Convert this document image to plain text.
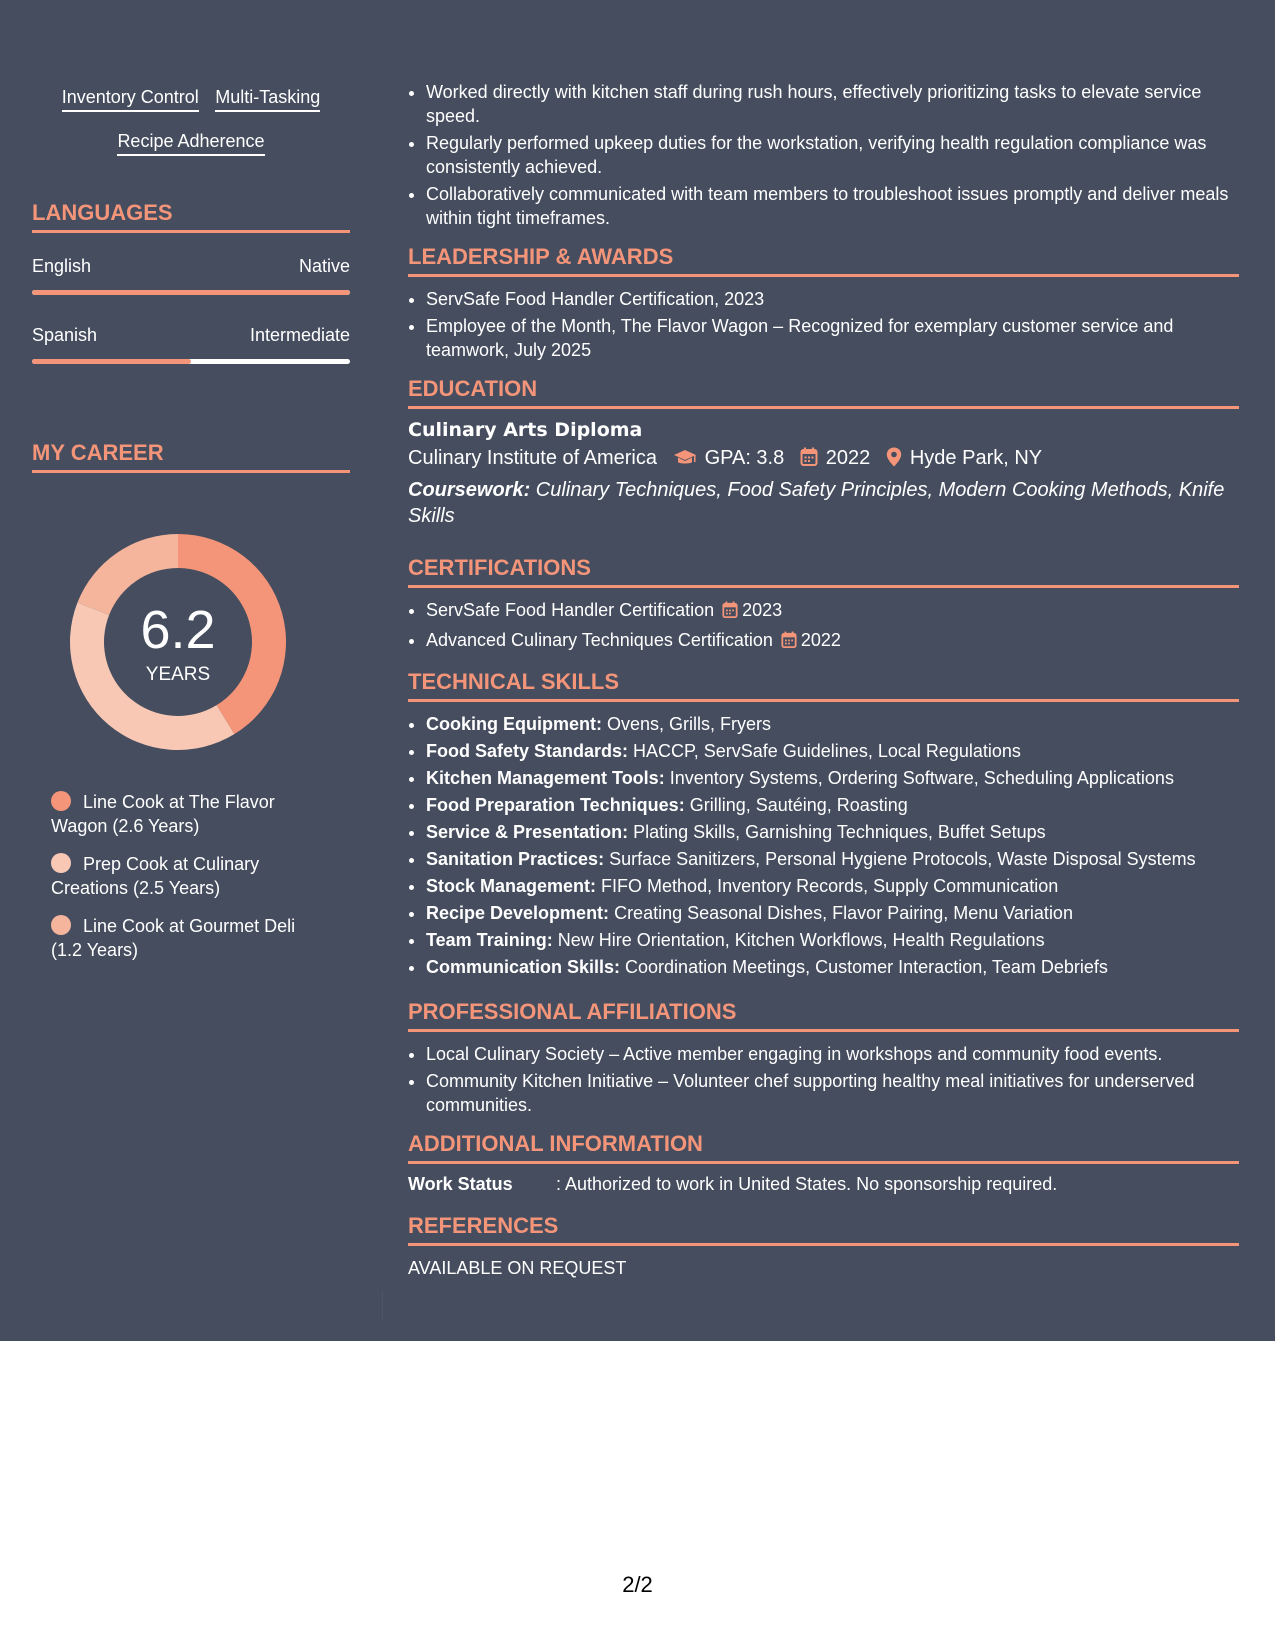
Inventory Control Multi-Tasking
Recipe Adherence
LANGUAGES
English	Native
Spanish	Intermediate
MY CAREER
6.2
YEARS
Line Cook at The Flavor Wagon (2.6 Years)
Prep Cook at Culinary Creations (2.5 Years)
Line Cook at Gourmet Deli (1.2 Years)
• Worked directly with kitchen staff during rush hours, effectively prioritizing tasks to elevate service speed.
• Regularly performed upkeep duties for the workstation, verifying health regulation compliance was consistently achieved.
• Collaboratively communicated with team members to troubleshoot issues promptly and deliver meals within tight timeframes.
LEADERSHIP & AWARDS
• ServSafe Food Handler Certification, 2023
• Employee of the Month, The Flavor Wagon – Recognized for exemplary customer service and teamwork, July 2025
EDUCATION
Culinary Arts Diploma
Culinary Institute of America GPA: 3.8 2022 Hyde Park, NY
Coursework: Culinary Techniques, Food Safety Principles, Modern Cooking Methods, Knife Skills
CERTIFICATIONS
• ServSafe Food Handler Certification 2023
• Advanced Culinary Techniques Certification 2022
TECHNICAL SKILLS
• Cooking Equipment: Ovens, Grills, Fryers
• Food Safety Standards: HACCP, ServSafe Guidelines, Local Regulations
• Kitchen Management Tools: Inventory Systems, Ordering Software, Scheduling Applications
• Food Preparation Techniques: Grilling, Sautéing, Roasting
• Service & Presentation: Plating Skills, Garnishing Techniques, Buffet Setups
• Sanitation Practices: Surface Sanitizers, Personal Hygiene Protocols, Waste Disposal Systems
• Stock Management: FIFO Method, Inventory Records, Supply Communication
• Recipe Development: Creating Seasonal Dishes, Flavor Pairing, Menu Variation
• Team Training: New Hire Orientation, Kitchen Workflows, Health Regulations
• Communication Skills: Coordination Meetings, Customer Interaction, Team Debriefs
PROFESSIONAL AFFILIATIONS
• Local Culinary Society – Active member engaging in workshops and community food events.
• Community Kitchen Initiative – Volunteer chef supporting healthy meal initiatives for underserved communities.
ADDITIONAL INFORMATION
Work Status : Authorized to work in United States. No sponsorship required.
REFERENCES
AVAILABLE ON REQUEST
2/2
